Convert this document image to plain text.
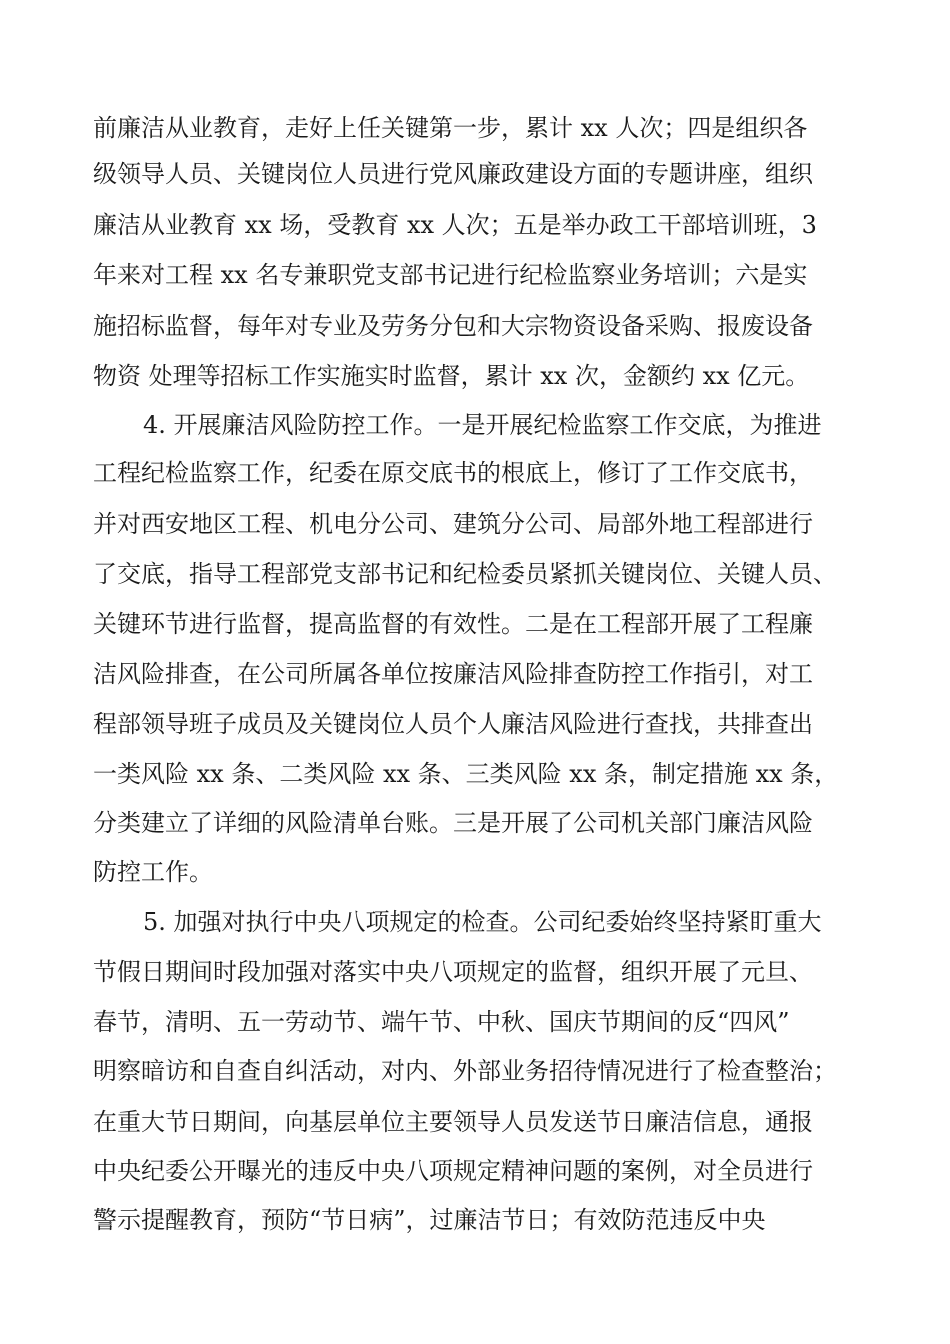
前廉洁从业教育，走好上任关键第一步，累计 xx 人次；四是组织各
级领导人员、关键岗位人员进行党风廉政建设方面的专题讲座，组织
廉洁从业教育 xx 场，受教育 xx 人次；五是举办政工干部培训班，3
年来对工程 xx 名专兼职党支部书记进行纪检监察业务培训；六是实
施招标监督，每年对专业及劳务分包和大宗物资设备采购、报废设备
物资 处理等招标工作实施实时监督，累计 xx 次，金额约 xx 亿元。
4. 开展廉洁风险防控工作。一是开展纪检监察工作交底，为推进
工程纪检监察工作，纪委在原交底书的根底上，修订了工作交底书，
并对西安地区工程、机电分公司、建筑分公司、局部外地工程部进行
了交底，指导工程部党支部书记和纪检委员紧抓关键岗位、关键人员、
关键环节进行监督，提高监督的有效性。二是在工程部开展了工程廉
洁风险排查，在公司所属各单位按廉洁风险排查防控工作指引，对工
程部领导班子成员及关键岗位人员个人廉洁风险进行查找，共排查出
一类风险 xx 条、二类风险 xx 条、三类风险 xx 条，制定措施 xx 条，
分类建立了详细的风险清单台账。三是开展了公司机关部门廉洁风险
防控工作。
5. 加强对执行中央八项规定的检查。公司纪委始终坚持紧盯重大
节假日期间时段加强对落实中央八项规定的监督，组织开展了元旦、
春节，清明、五一劳动节、端午节、中秋、国庆节期间的反“四风”
明察暗访和自查自纠活动，对内、外部业务招待情况进行了检查整治；
在重大节日期间，向基层单位主要领导人员发送节日廉洁信息，通报
中央纪委公开曝光的违反中央八项规定精神问题的案例，对全员进行
警示提醒教育，预防“节日病”，过廉洁节日；有效防范违反中央
